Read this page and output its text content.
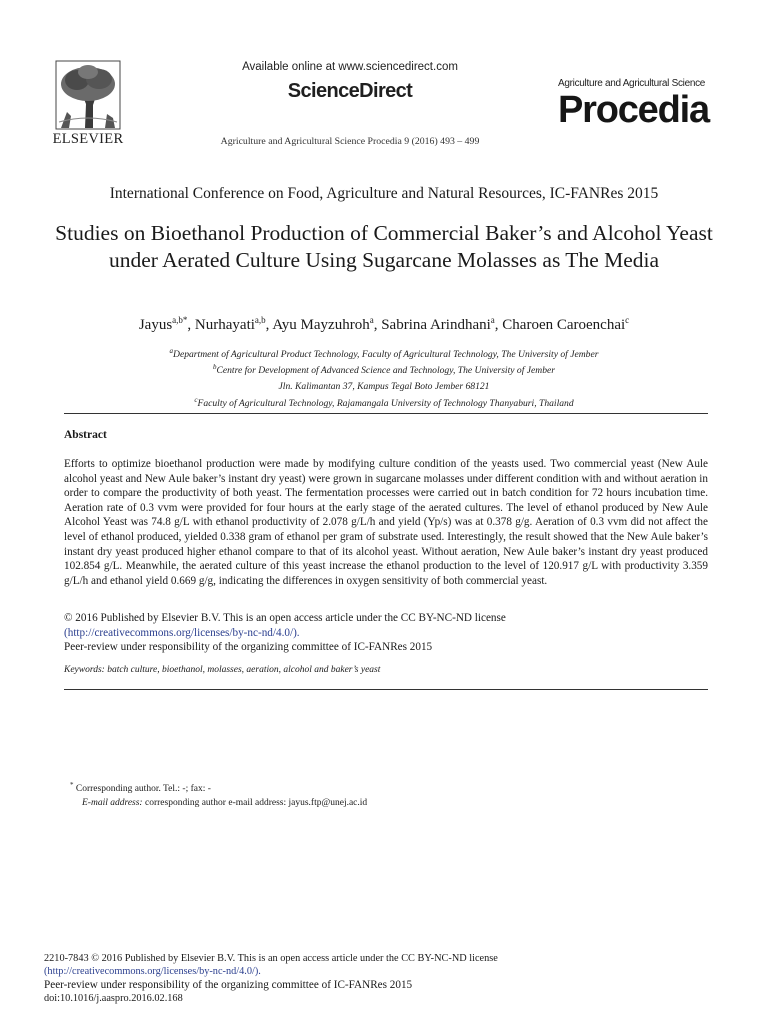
ELSEVIER
Available online at www.sciencedirect.com
ScienceDirect
Agriculture and Agricultural Science Procedia 9 (2016) 493 – 499
Agriculture and Agricultural Science
Procedia
International Conference on Food, Agriculture and Natural Resources, IC-FANRes 2015
Studies on Bioethanol Production of Commercial Baker’s and Alcohol Yeast under Aerated Culture Using Sugarcane Molasses as The Media
Jayus$^{a,b*}$, Nurhayati$^{a,b}$, Ayu Mayzuhroh$^a$, Sabrina Arindhani$^a$, Charoen Caroenchai$^c$
$^a$Department of Agricultural Product Technology, Faculty of Agricultural Technology, The University of Jember
$^b$Centre for Development of Advanced Science and Technology, The University of Jember
Jln. Kalimantan 37, Kampus Tegal Boto Jember 68121
$^c$Faculty of Agricultural Technology, Rajamangala University of Technology Thanyaburi, Thailand
Abstract

Efforts to optimize bioethanol production were made by modifying culture condition of the yeasts used. Two commercial yeast (New Aule alcohol yeast and New Aule baker’s instant dry yeast) were grown in sugarcane molasses under different condition with and without aeration in order to compare the productivity of both yeast. The fermentation processes were carried out in batch condition for 72 hours incubation time. Aeration rate of 0.3 vvm were provided for four hours at the early stage of the aerated cultures. The level of ethanol produced by New Aule Alcohol Yeast was 74.8 g/L with ethanol productivity of 2.078 g/L/h and yield (Yp/s) was at 0.378 g/g. Aeration of 0.3 vvm did not affect the level of ethanol produced, yielded 0.338 gram of ethanol per gram of substrate used. Interestingly, the result showed that the New Aule baker’s instant dry yeast produced higher ethanol compare to that of its alcohol yeast. Without aeration, New Aule baker’s instant dry yeast produced 102.854 g/L. Meanwhile, the aerated culture of this yeast increase the ethanol production to the level of 120.917 g/L with productivity 3.359 g/L/h and ethanol yield 0.669 g/g, indicating the differences in oxygen sensitivity of both commercial yeast.

© 2016 Published by Elsevier B.V. This is an open access article under the CC BY-NC-ND license
(http://creativecommons.org/licenses/by-nc-nd/4.0/).
Peer-review under responsibility of the organizing committee of IC-FANRes 2015
Keywords: batch culture, bioethanol, molasses, aeration, alcohol and baker’s yeast
* Corresponding author. Tel.: -; fax: -
E-mail address: corresponding author e-mail address: jayus.ftp@unej.ac.id
2210-7843 © 2016 Published by Elsevier B.V. This is an open access article under the CC BY-NC-ND license
(http://creativecommons.org/licenses/by-nc-nd/4.0/).
Peer-review under responsibility of the organizing committee of IC-FANRes 2015
doi:10.1016/j.aaspro.2016.02.168
